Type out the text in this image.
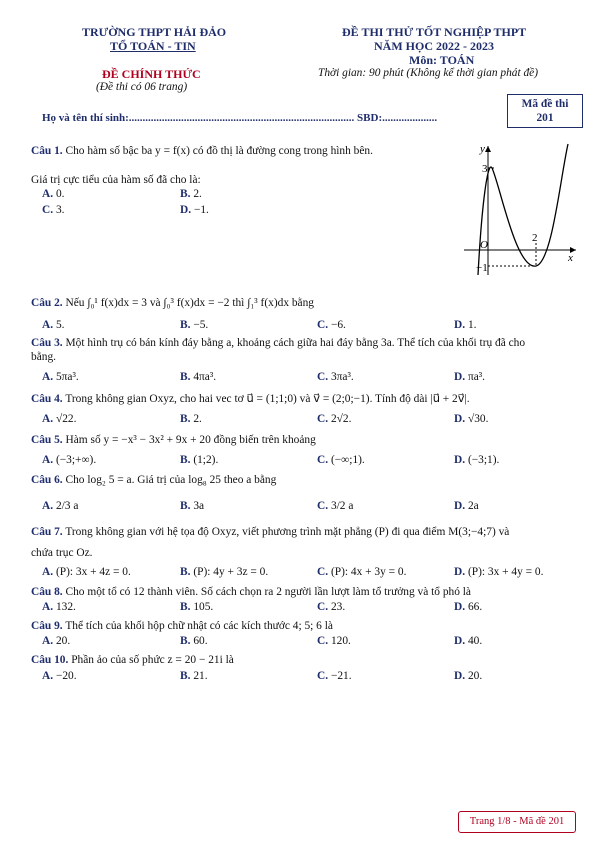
TRƯỜNG THPT HẢI ĐẢO
TỔ TOÁN - TIN
ĐỀ THI THỬ TỐT NGHIỆP THPT
NĂM HỌC 2022 - 2023
Môn: TOÁN
ĐỀ CHÍNH THỨC
(Đề thi có 06 trang)
Thời gian: 90 phút (Không kể thời gian phát đề)
Mã đề thi
201
Họ và tên thí sinh:.................................................................................. SBD:....................
y
x
O
3
−1
2
Câu 1. Cho hàm số bậc ba y = f(x) có đồ thị là đường cong trong hình bên.
Giá trị cực tiểu của hàm số đã cho là:
A. 0.	B. 2.
C. 3.	D. −1.
Câu 2. Nếu ∫₀¹ f(x)dx = 3 và ∫₀³ f(x)dx = −2 thì ∫₁³ f(x)dx bằng
A. 5.	B. −5.	C. −6.	D. 1.
Câu 3. Một hình trụ có bán kính đáy bằng a, khoảng cách giữa hai đáy bằng 3a. Thể tích của khối trụ đã cho
bằng.
A. 5πa³.	B. 4πa³.	C. 3πa³.	D. πa³.
Câu 4. Trong không gian Oxyz, cho hai vec tơ u⃗ = (1;1;0) và v⃗ = (2;0;−1). Tính độ dài |u⃗ + 2v⃗|.
A. √22.	B. 2.	C. 2√2.	D. √30.
Câu 5. Hàm số y = −x³ − 3x² + 9x + 20 đồng biến trên khoảng
A. (−3;+∞).	B. (1;2).	C. (−∞;1).	D. (−3;1).
Câu 6. Cho log₂ 5 = a. Giá trị của log₈ 25 theo a bằng
A. 2/3 a	B. 3a	C. 3/2 a	D. 2a
Câu 7. Trong không gian với hệ tọa độ Oxyz, viết phương trình mặt phẳng (P) đi qua điểm M(3;−4;7) và
chứa trục Oz.
A. (P): 3x + 4z = 0.	B. (P): 4y + 3z = 0.	C. (P): 4x + 3y = 0.	D. (P): 3x + 4y = 0.
Câu 8. Cho một tổ có 12 thành viên. Số cách chọn ra 2 người lần lượt làm tổ trưởng và tổ phó là
A. 132.	B. 105.	C. 23.	D. 66.
Câu 9. Thể tích của khối hộp chữ nhật có các kích thước 4; 5; 6 là
A. 20.	B. 60.	C. 120.	D. 40.
Câu 10. Phần ảo của số phức z = 20 − 21i là
A. −20.	B. 21.	C. −21.	D. 20.
Trang 1/8 - Mã đề 201
